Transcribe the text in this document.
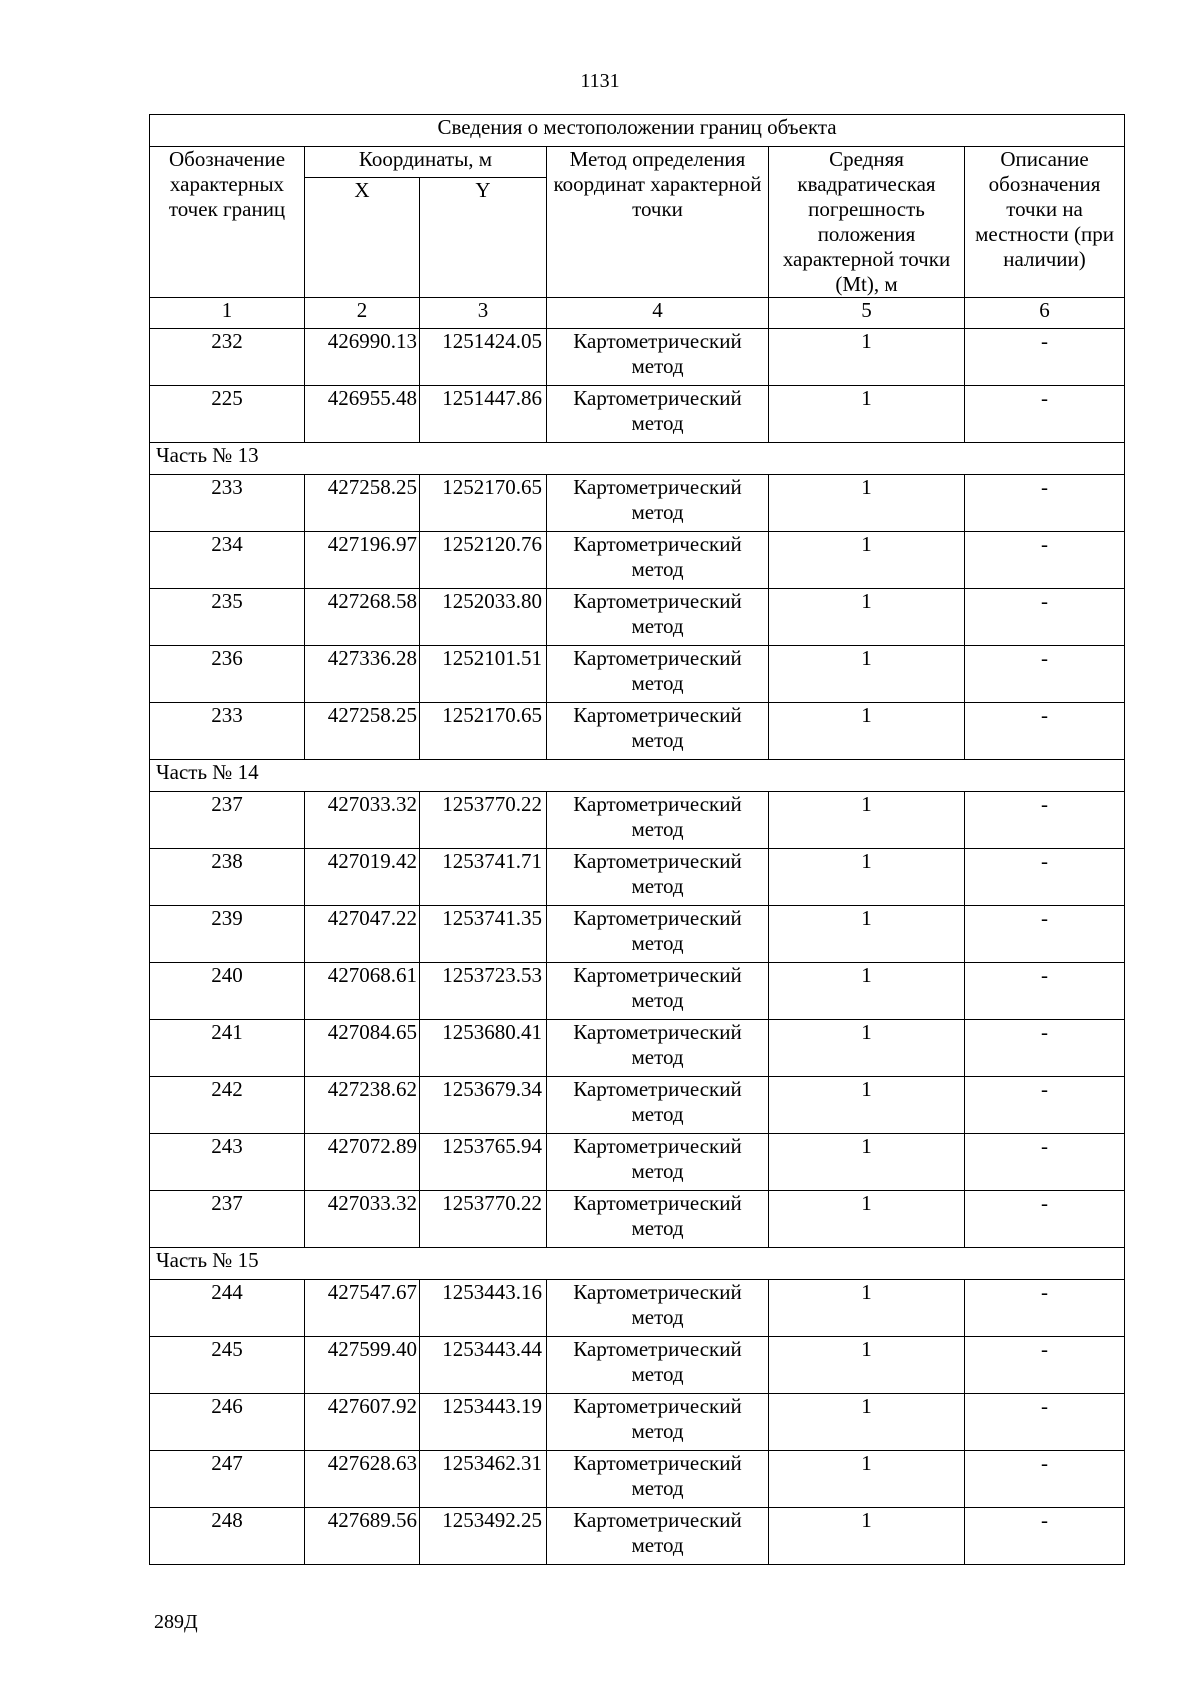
1131
Сведения о местоположении границ объекта					
Обозначение характерных точек границ	Координаты, м		Метод определения координат характерной точки	Средняя квадратическая погрешность положения характерной точки (Mt), м	Описание обозначения точки на местности (при наличии)
	X	Y			

1	2	3	4	5	6
232	426990.13	1251424.05	Картометрический метод	1	-
225	426955.48	1251447.86	Картометрический метод	1	-
Часть № 13					
233	427258.25	1252170.65	Картометрический метод	1	-
234	427196.97	1252120.76	Картометрический метод	1	-
235	427268.58	1252033.80	Картометрический метод	1	-
236	427336.28	1252101.51	Картометрический метод	1	-
233	427258.25	1252170.65	Картометрический метод	1	-
Часть № 14					
237	427033.32	1253770.22	Картометрический метод	1	-
238	427019.42	1253741.71	Картометрический метод	1	-
239	427047.22	1253741.35	Картометрический метод	1	-
240	427068.61	1253723.53	Картометрический метод	1	-
241	427084.65	1253680.41	Картометрический метод	1	-
242	427238.62	1253679.34	Картометрический метод	1	-
243	427072.89	1253765.94	Картометрический метод	1	-
237	427033.32	1253770.22	Картометрический метод	1	-
Часть № 15					
244	427547.67	1253443.16	Картометрический метод	1	-
245	427599.40	1253443.44	Картометрический метод	1	-
246	427607.92	1253443.19	Картометрический метод	1	-
247	427628.63	1253462.31	Картометрический метод	1	-
248	427689.56	1253492.25	Картометрический метод	1	-
289Д
